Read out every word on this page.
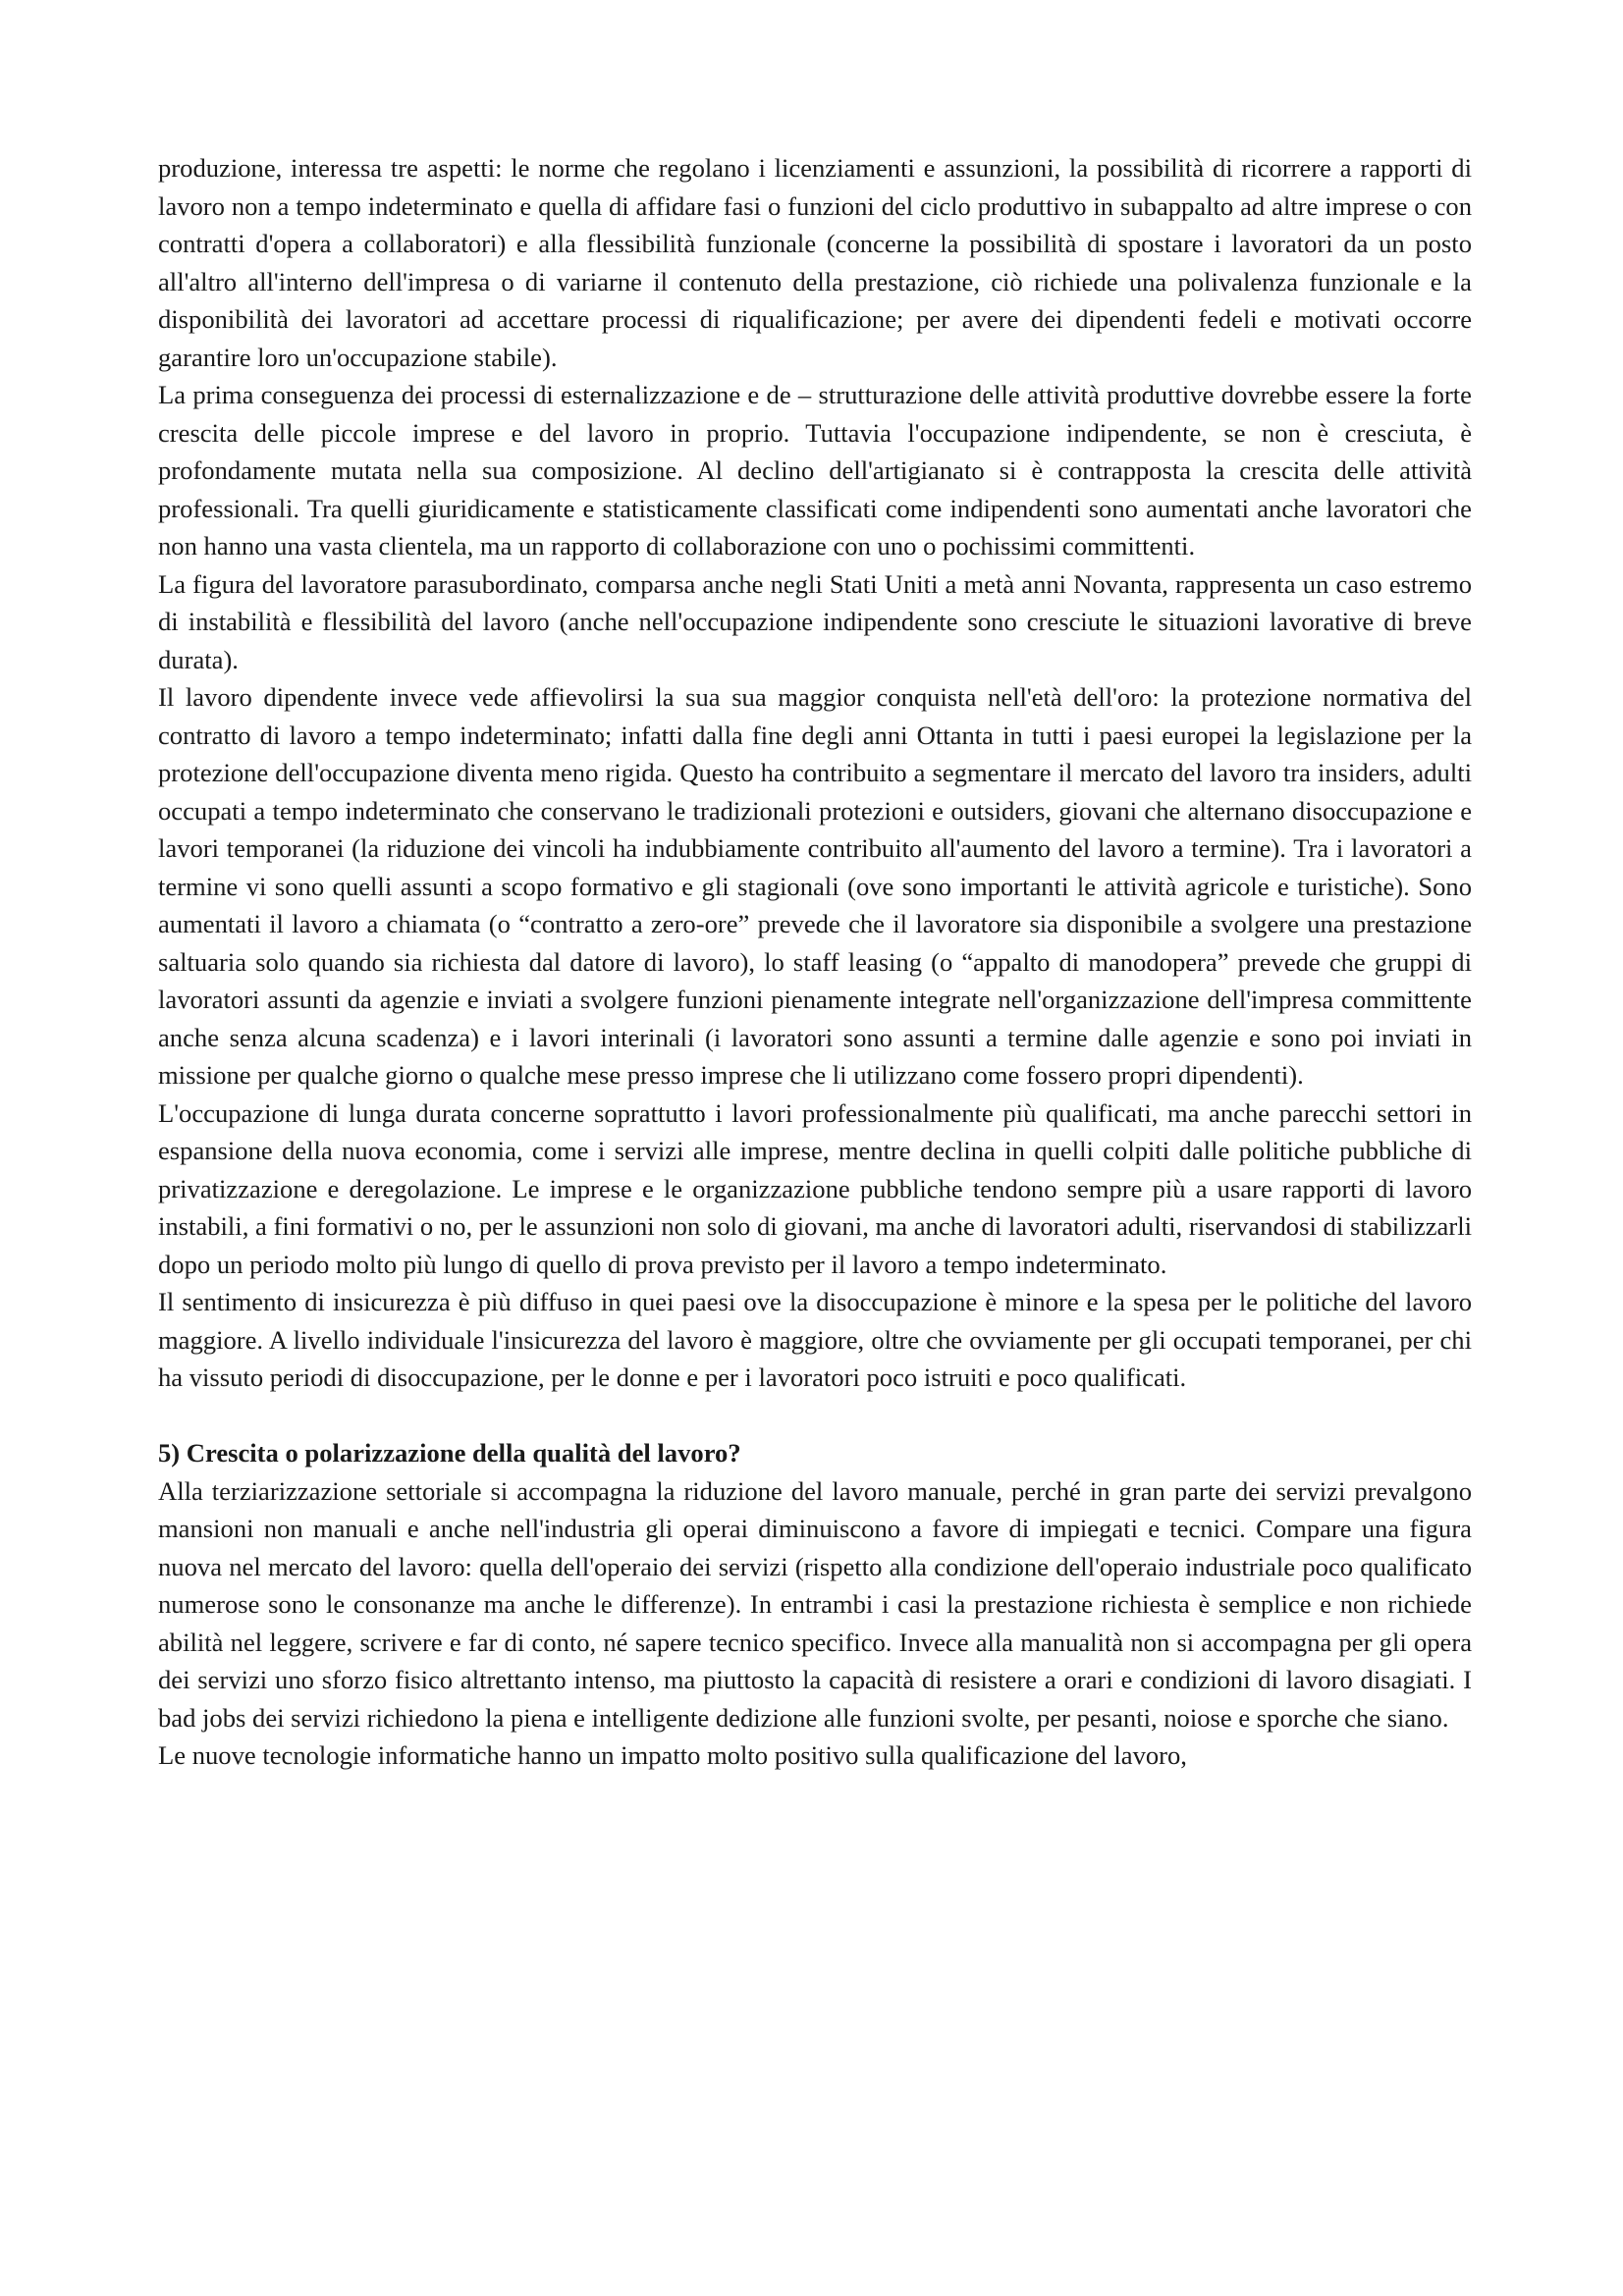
produzione, interessa tre aspetti: le norme che regolano i licenziamenti e assunzioni, la possibilità di ricorrere a rapporti di lavoro non a tempo indeterminato e quella di affidare fasi o funzioni del ciclo produttivo in subappalto ad altre imprese o con contratti d'opera a collaboratori) e alla flessibilità funzionale (concerne la possibilità di spostare i lavoratori da un posto all'altro all'interno dell'impresa o di variarne il contenuto della prestazione, ciò richiede una polivalenza funzionale e la disponibilità dei lavoratori ad accettare processi di riqualificazione; per avere dei dipendenti fedeli e motivati occorre garantire loro un'occupazione stabile).

La prima conseguenza dei processi di esternalizzazione e de – strutturazione delle attività produttive dovrebbe essere la forte crescita delle piccole imprese e del lavoro in proprio. Tuttavia l'occupazione indipendente, se non è cresciuta, è profondamente mutata nella sua composizione. Al declino dell'artigianato si è contrapposta la crescita delle attività professionali. Tra quelli giuridicamente e statisticamente classificati come indipendenti sono aumentati anche lavoratori che non hanno una vasta clientela, ma un rapporto di collaborazione con uno o pochissimi committenti.

La figura del lavoratore parasubordinato, comparsa anche negli Stati Uniti a metà anni Novanta, rappresenta un caso estremo di instabilità e flessibilità del lavoro (anche nell'occupazione indipendente sono cresciute le situazioni lavorative di breve durata).

Il lavoro dipendente invece vede affievolirsi la sua sua maggior conquista nell'età dell'oro: la protezione normativa del contratto di lavoro a tempo indeterminato; infatti dalla fine degli anni Ottanta in tutti i paesi europei la legislazione per la protezione dell'occupazione diventa meno rigida. Questo ha contribuito a segmentare il mercato del lavoro tra insiders, adulti occupati a tempo indeterminato che conservano le tradizionali protezioni e outsiders, giovani che alternano disoccupazione e lavori temporanei (la riduzione dei vincoli ha indubbiamente contribuito all'aumento del lavoro a termine). Tra i lavoratori a termine vi sono quelli assunti a scopo formativo e gli stagionali (ove sono importanti le attività agricole e turistiche). Sono aumentati il lavoro a chiamata (o “contratto a zero-ore” prevede che il lavoratore sia disponibile a svolgere una prestazione saltuaria solo quando sia richiesta dal datore di lavoro), lo staff leasing (o “appalto di manodopera” prevede che gruppi di lavoratori assunti da agenzie e inviati a svolgere funzioni pienamente integrate nell'organizzazione dell'impresa committente anche senza alcuna scadenza) e i lavori interinali (i lavoratori sono assunti a termine dalle agenzie e sono poi inviati in missione per qualche giorno o qualche mese presso imprese che li utilizzano come fossero propri dipendenti).

L'occupazione di lunga durata concerne soprattutto i lavori professionalmente più qualificati, ma anche parecchi settori in espansione della nuova economia, come i servizi alle imprese, mentre declina in quelli colpiti dalle politiche pubbliche di privatizzazione e deregolazione. Le imprese e le organizzazione pubbliche tendono sempre più a usare rapporti di lavoro instabili, a fini formativi o no, per le assunzioni non solo di giovani, ma anche di lavoratori adulti, riservandosi di stabilizzarli dopo un periodo molto più lungo di quello di prova previsto per il lavoro a tempo indeterminato.

Il sentimento di insicurezza è più diffuso in quei paesi ove la disoccupazione è minore e la spesa per le politiche del lavoro maggiore. A livello individuale l'insicurezza del lavoro è maggiore, oltre che ovviamente per gli occupati temporanei, per chi ha vissuto periodi di disoccupazione, per le donne e per i lavoratori poco istruiti e poco qualificati.

5) Crescita o polarizzazione della qualità del lavoro?

Alla terziarizzazione settoriale si accompagna la riduzione del lavoro manuale, perché in gran parte dei servizi prevalgono mansioni non manuali e anche nell'industria gli operai diminuiscono a favore di impiegati e tecnici. Compare una figura nuova nel mercato del lavoro: quella dell'operaio dei servizi (rispetto alla condizione dell'operaio industriale poco qualificato numerose sono le consonanze ma anche le differenze). In entrambi i casi la prestazione richiesta è semplice e non richiede abilità nel leggere, scrivere e far di conto, né sapere tecnico specifico. Invece alla manualità non si accompagna per gli opera dei servizi uno sforzo fisico altrettanto intenso, ma piuttosto la capacità di resistere a orari e condizioni di lavoro disagiati. I bad jobs dei servizi richiedono la piena e intelligente dedizione alle funzioni svolte, per pesanti, noiose e sporche che siano.

Le nuove tecnologie informatiche hanno un impatto molto positivo sulla qualificazione del lavoro,
